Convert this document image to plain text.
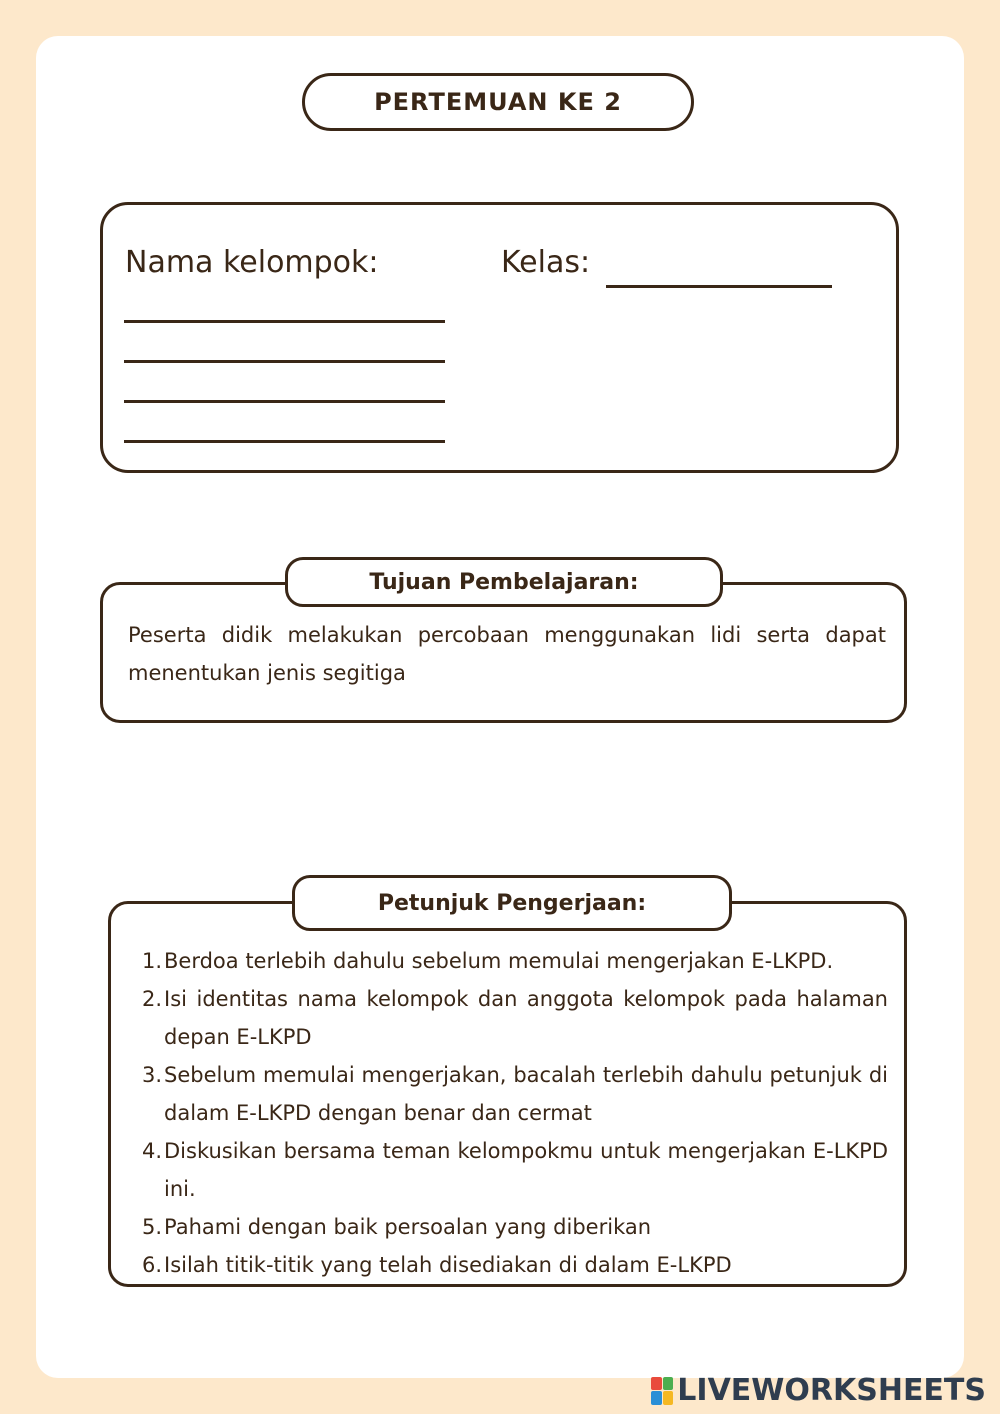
PERTEMUAN KE 2
Nama kelompok:	Kelas:
Tujuan Pembelajaran:
Peserta didik melakukan percobaan menggunakan lidi serta dapat menentukan jenis segitiga
Petunjuk Pengerjaan:
1. Berdoa terlebih dahulu sebelum memulai mengerjakan E-LKPD.
2. Isi identitas nama kelompok dan anggota kelompok pada halaman depan E-LKPD
3. Sebelum memulai mengerjakan, bacalah terlebih dahulu petunjuk di dalam E-LKPD dengan benar dan cermat
4. Diskusikan bersama teman kelompokmu untuk mengerjakan E-LKPD ini.
5. Pahami dengan baik persoalan yang diberikan
6. Isilah titik-titik yang telah disediakan di dalam E-LKPD
LIVEWORKSHEETS
